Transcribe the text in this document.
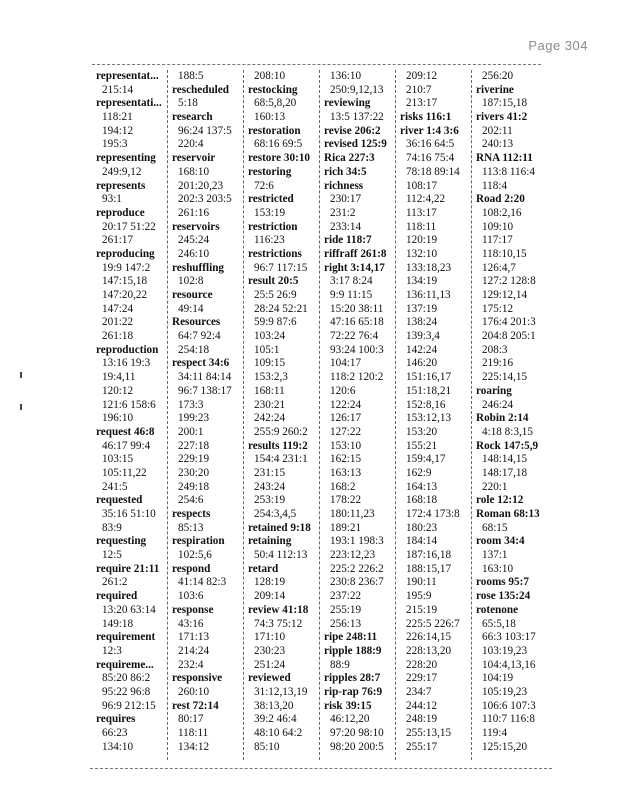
Page 304
representat...
215:14
representati...
118:21
194:12
195:3
representing
249:9,12
represents
93:1
reproduce
20:17 51:22
261:17
reproducing
19:9 147:2
147:15,18
147:20,22
147:24
201:22
261:18
reproduction
13:16 19:3
19:4,11
120:12
121:6 158:6
196:10
request 46:8
46:17 99:4
103:15
105:11,22
241:5
requested
35:16 51:10
83:9
requesting
12:5
require 21:11
261:2
required
13:20 63:14
149:18
requirement
12:3
requireme...
85:20 86:2
95:22 96:8
96:9 212:15
requires
66:23
134:10
188:5
rescheduled
5:18
research
96:24 137:5
220:4
reservoir
168:10
201:20,23
202:3 203:5
261:16
reservoirs
245:24
246:10
reshuffling
102:8
resource
49:14
Resources
64:7 92:4
254:18
respect 34:6
34:11 84:14
96:7 138:17
173:3
199:23
200:1
227:18
229:19
230:20
249:18
254:6
respects
85:13
respiration
102:5,6
respond
41:14 82:3
103:6
response
43:16
171:13
214:24
232:4
responsive
260:10
rest 72:14
80:17
118:11
134:12
208:10
restocking
68:5,8,20
160:13
restoration
68:16 69:5
restore 30:10
restoring
72:6
restricted
153:19
restriction
116:23
restrictions
96:7 117:15
result 20:5
25:5 26:9
28:24 52:21
59:9 87:6
103:24
105:1
109:15
153:2,3
168:11
230:21
242:24
255:9 260:2
results 119:2
154:4 231:1
231:15
243:24
253:19
254:3,4,5
retained 9:18
retaining
50:4 112:13
retard
128:19
209:14
review 41:18
74:3 75:12
171:10
230:23
251:24
reviewed
31:12,13,19
38:13,20
39:2 46:4
48:10 64:2
85:10
136:10
250:9,12,13
reviewing
13:5 137:22
revise 206:2
revised 125:9
Rica 227:3
rich 34:5
richness
230:17
231:2
233:14
ride 118:7
riffraff 261:8
right 3:14,17
3:17 8:24
9:9 11:15
15:20 38:11
47:16 65:18
72:22 76:4
93:24 100:3
104:17
118:2 120:2
120:6
122:24
126:17
127:22
153:10
162:15
163:13
168:2
178:22
180:11,23
189:21
193:1 198:3
223:12,23
225:2 226:2
230:8 236:7
237:22
255:19
256:13
ripe 248:11
ripple 188:9
88:9
ripples 28:7
rip-rap 76:9
risk 39:15
46:12,20
97:20 98:10
98:20 200:5
209:12
210:7
213:17
risks 116:1
river 1:4 3:6
36:16 64:5
74:16 75:4
78:18 89:14
108:17
112:4,22
113:17
118:11
120:19
132:10
133:18,23
134:19
136:11,13
137:19
138:24
139:3,4
142:24
146:20
151:16,17
151:18,21
152:8,16
153:12,13
153:20
155:21
159:4,17
162:9
164:13
168:18
172:4 173:8
180:23
184:14
187:16,18
188:15,17
190:11
195:9
215:19
225:5 226:7
226:14,15
228:13,20
228:20
229:17
234:7
244:12
248:19
255:13,15
255:17
256:20
riverine
187:15,18
rivers 41:2
202:11
240:13
RNA 112:11
113:8 116:4
118:4
Road 2:20
108:2,16
109:10
117:17
118:10,15
126:4,7
127:2 128:8
129:12,14
175:12
176:4 201:3
204:8 205:1
208:3
219:16
225:14,15
roaring
246:24
Robin 2:14
4:18 8:3,15
Rock 147:5,9
148:14,15
148:17,18
220:1
role 12:12
Roman 68:13
68:15
room 34:4
137:1
163:10
rooms 95:7
rose 135:24
rotenone
65:5,18
66:3 103:17
103:19,23
104:4,13,16
104:19
105:19,23
106:6 107:3
110:7 116:8
119:4
125:15,20
